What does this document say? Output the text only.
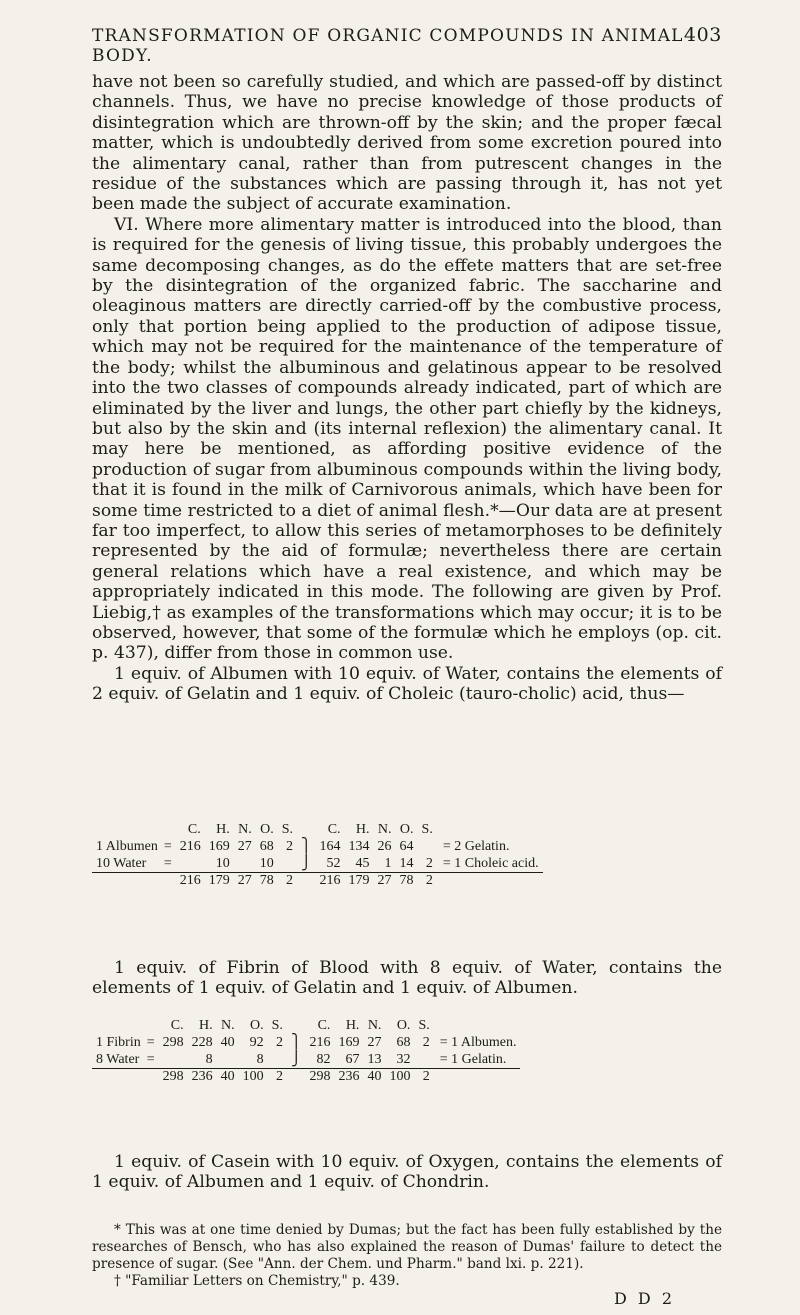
TRANSFORMATION OF ORGANIC COMPOUNDS IN ANIMAL BODY.
403

have not been so carefully studied, and which are passed-off by distinct channels. Thus, we have no precise knowledge of those products of disintegration which are thrown-off by the skin; and the proper fæcal matter, which is undoubtedly derived from some excretion poured into the alimentary canal, rather than from putrescent changes in the residue of the substances which are passing through it, has not yet been made the subject of accurate examination.

VI. Where more alimentary matter is introduced into the blood, than is required for the genesis of living tissue, this probably undergoes the same decomposing changes, as do the effete matters that are set-free by the disintegration of the organized fabric. The saccharine and oleaginous matters are directly carried-off by the combustive process, only that portion being applied to the production of adipose tissue, which may not be required for the maintenance of the temperature of the body; whilst the albuminous and gelatinous appear to be resolved into the two classes of compounds already indicated, part of which are eliminated by the liver and lungs, the other part chiefly by the kidneys, but also by the skin and (its internal reflexion) the alimentary canal. It may here be mentioned, as affording positive evidence of the production of sugar from albuminous compounds within the living body, that it is found in the milk of Carnivorous animals, which have been for some time restricted to a diet of animal flesh.*—Our data are at present far too imperfect, to allow this series of metamorphoses to be definitely represented by the aid of formulæ; nevertheless there are certain general relations which have a real existence, and which may be appropriately indicated in this mode. The following are given by Prof. Liebig,† as examples of the transformations which may occur; it is to be observed, however, that some of the formulæ which he employs (op. cit. p. 437), differ from those in common use.

1 equiv. of Albumen with 10 equiv. of Water, contains the elements of 2 equiv. of Gelatin and 1 equiv. of Choleic (tauro-cholic) acid, thus—

		C.	H.	N.	O.	S.		C.	H.	N.	O.	S.	
1 Albumen	=	216	169	27	68	2	⎫	164	134	26	64		= 2 Gelatin.
10 Water	=		10		10		⎭	52	45	1	14	2	= 1 Choleic acid.
		216	179	27	78	2		216	179	27	78	2	

1 equiv. of Fibrin of Blood with 8 equiv. of Water, contains the elements of 1 equiv. of Gelatin and 1 equiv. of Albumen.

		C.	H.	N.	O.	S.		C.	H.	N.	O.	S.	
1 Fibrin	=	298	228	40	92	2	⎫	216	169	27	68	2	= 1 Albumen.
8 Water	=		8		8		⎭	82	67	13	32		= 1 Gelatin.
		298	236	40	100	2		298	236	40	100	2	

1 equiv. of Casein with 10 equiv. of Oxygen, contains the elements of 1 equiv. of Albumen and 1 equiv. of Chondrin.

* This was at one time denied by Dumas; but the fact has been fully established by the researches of Bensch, who has also explained the reason of Dumas' failure to detect the presence of sugar. (See "Ann. der Chem. und Pharm." band lxi. p. 221).

† "Familiar Letters on Chemistry," p. 439.

D D 2
